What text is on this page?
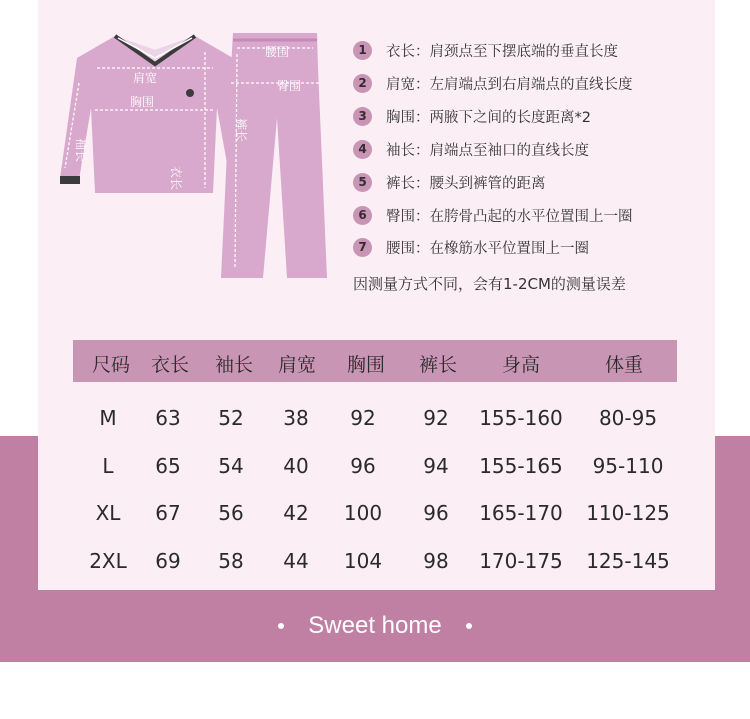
肩宽
胸围
袖长
衣长
腰围
臀围
裤长
1	衣长：肩颈点至下摆底端的垂直长度
2	肩宽：左肩端点到右肩端点的直线长度
3	胸围：两腋下之间的长度距离*2
4	袖长：肩端点至袖口的直线长度
5	裤长：腰头到裤管的距离
6	臀围：在胯骨凸起的水平位置围上一圈
7	腰围：在橡筋水平位置围上一圈
因测量方式不同，会有1-2CM的测量误差
尺码 衣长 袖长 肩宽 胸围 裤长 身高	体重
M 63 52 38 92 92 155-160 80-95
L 65 54 40 96 94 155-165 95-110
XL 67 56 42 100 96 165-170 110-125
2XL 69 58 44 104 98 170-175 125-145
Sweet home
